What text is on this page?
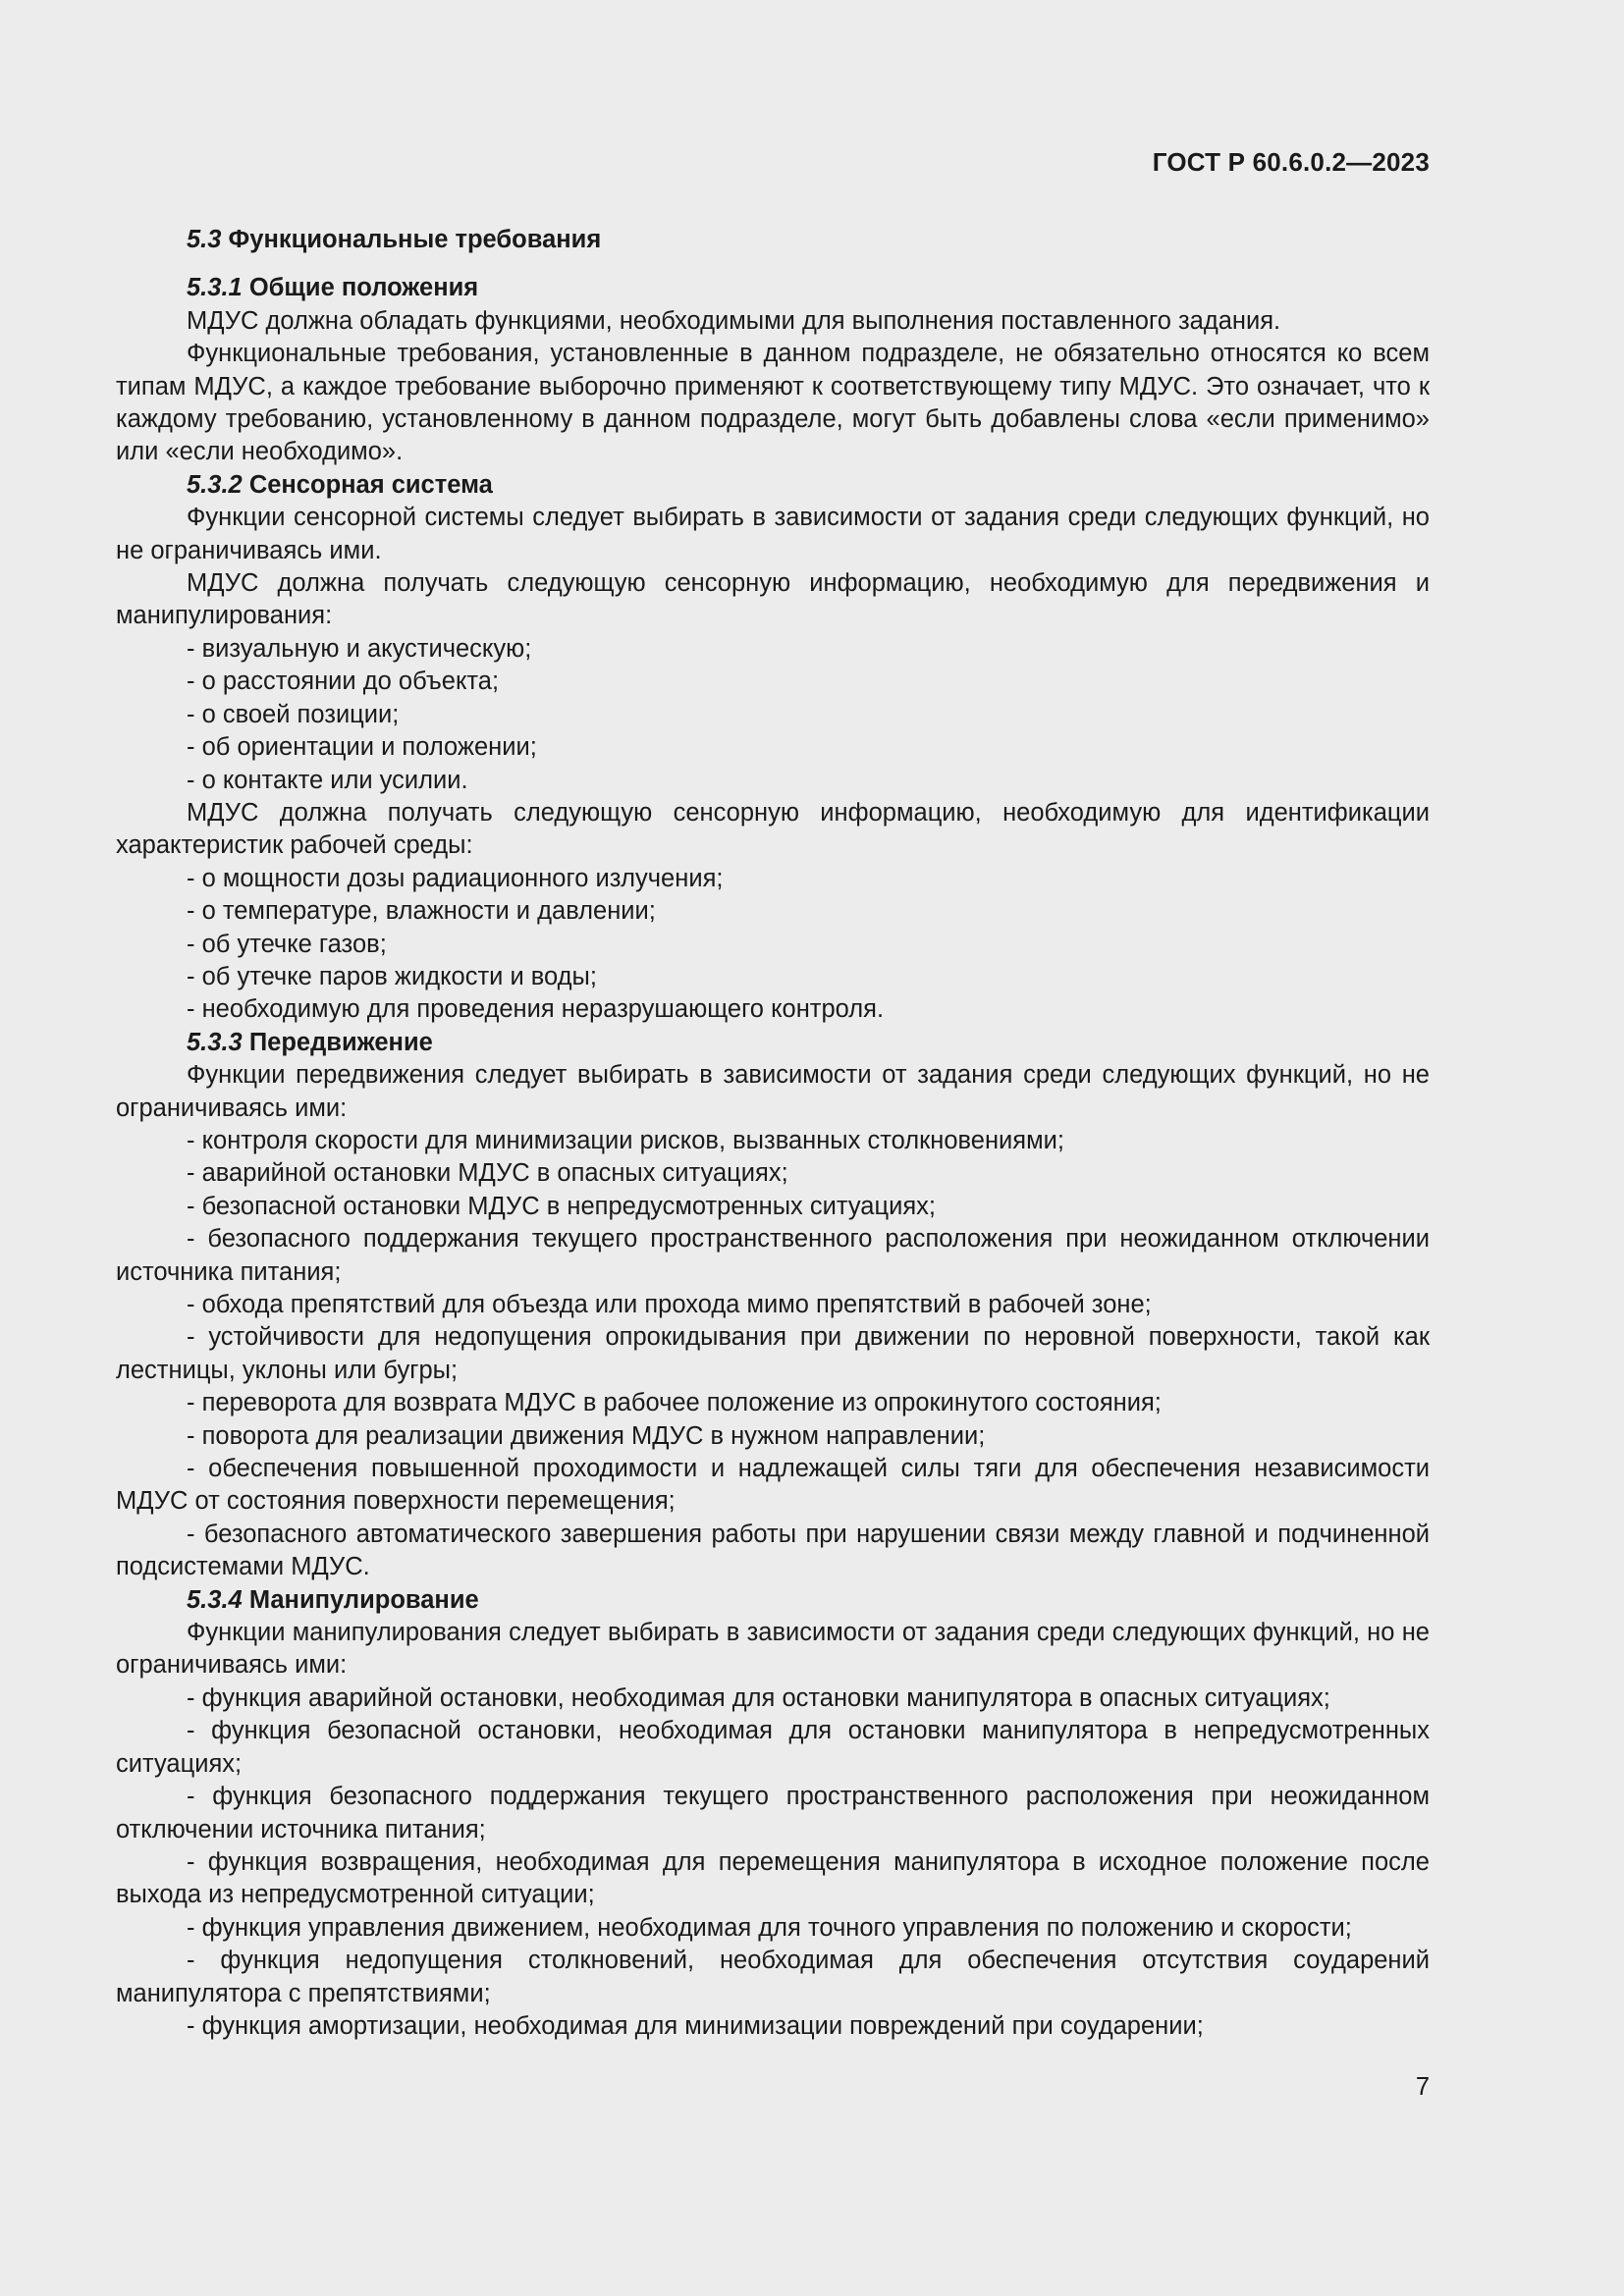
ГОСТ Р 60.6.0.2—2023

5.3 Функциональные требования

5.3.1 Общие положения

МДУС должна обладать функциями, необходимыми для выполнения поставленного задания.

Функциональные требования, установленные в данном подразделе, не обязательно относятся ко всем типам МДУС, а каждое требование выборочно применяют к соответствующему типу МДУС. Это означает, что к каждому требованию, установленному в данном подразделе, могут быть добавлены слова «если применимо» или «если необходимо».

5.3.2 Сенсорная система

Функции сенсорной системы следует выбирать в зависимости от задания среди следующих функций, но не ограничиваясь ими.

МДУС должна получать следующую сенсорную информацию, необходимую для передвижения и манипулирования:

- визуальную и акустическую;

- о расстоянии до объекта;

- о своей позиции;

- об ориентации и положении;

- о контакте или усилии.

МДУС должна получать следующую сенсорную информацию, необходимую для идентификации характеристик рабочей среды:

- о мощности дозы радиационного излучения;

- о температуре, влажности и давлении;

- об утечке газов;

- об утечке паров жидкости и воды;

- необходимую для проведения неразрушающего контроля.

5.3.3 Передвижение

Функции передвижения следует выбирать в зависимости от задания среди следующих функций, но не ограничиваясь ими:

- контроля скорости для минимизации рисков, вызванных столкновениями;

- аварийной остановки МДУС в опасных ситуациях;

- безопасной остановки МДУС в непредусмотренных ситуациях;

- безопасного поддержания текущего пространственного расположения при неожиданном отключении источника питания;

- обхода препятствий для объезда или прохода мимо препятствий в рабочей зоне;

- устойчивости для недопущения опрокидывания при движении по неровной поверхности, такой как лестницы, уклоны или бугры;

- переворота для возврата МДУС в рабочее положение из опрокинутого состояния;

- поворота для реализации движения МДУС в нужном направлении;

- обеспечения повышенной проходимости и надлежащей силы тяги для обеспечения независимости МДУС от состояния поверхности перемещения;

- безопасного автоматического завершения работы при нарушении связи между главной и подчиненной подсистемами МДУС.

5.3.4 Манипулирование

Функции манипулирования следует выбирать в зависимости от задания среди следующих функций, но не ограничиваясь ими:

- функция аварийной остановки, необходимая для остановки манипулятора в опасных ситуациях;

- функция безопасной остановки, необходимая для остановки манипулятора в непредусмотренных ситуациях;

- функция безопасного поддержания текущего пространственного расположения при неожиданном отключении источника питания;

- функция возвращения, необходимая для перемещения манипулятора в исходное положение после выхода из непредусмотренной ситуации;

- функция управления движением, необходимая для точного управления по положению и скорости;

- функция недопущения столкновений, необходимая для обеспечения отсутствия соударений манипулятора с препятствиями;

- функция амортизации, необходимая для минимизации повреждений при соударении;

7
